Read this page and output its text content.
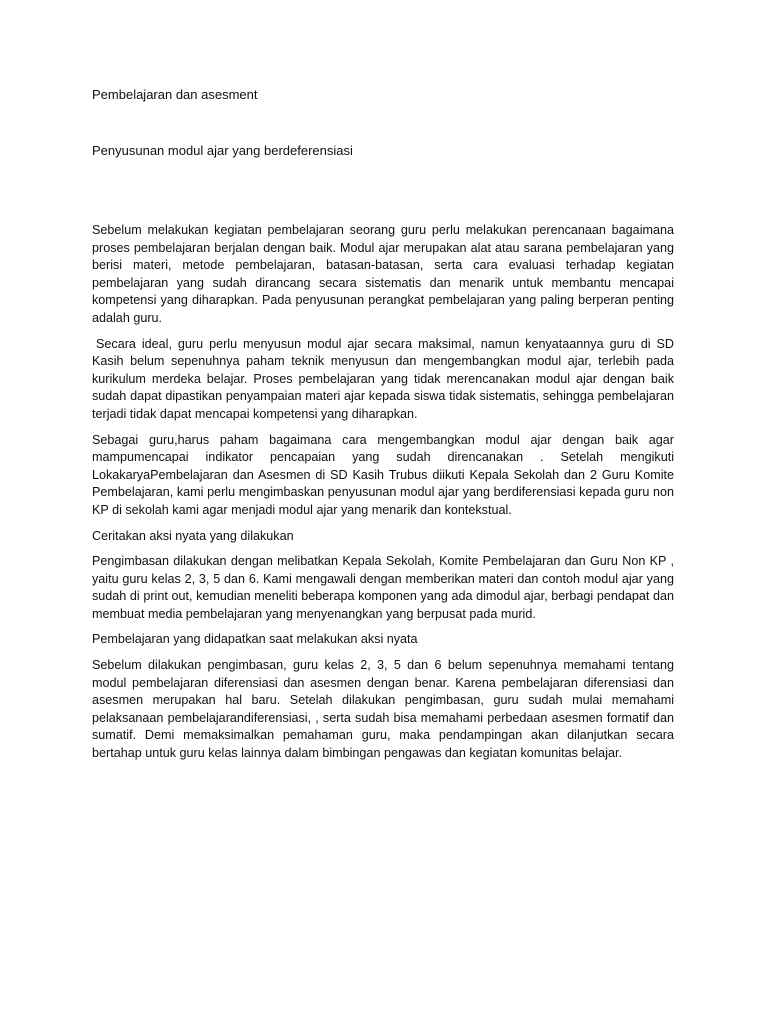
Pembelajaran dan asesment
Penyusunan modul ajar yang berdeferensiasi

Sebelum melakukan kegiatan pembelajaran seorang guru perlu melakukan perencanaan bagaimana proses pembelajaran berjalan dengan baik. Modul ajar merupakan alat atau sarana pembelajaran yang berisi materi, metode pembelajaran, batasan-batasan, serta cara evaluasi terhadap kegiatan pembelajaran yang sudah dirancang secara sistematis dan menarik untuk membantu mencapai kompetensi yang diharapkan. Pada penyusunan perangkat pembelajaran yang paling berperan penting adalah guru.

Secara ideal, guru perlu menyusun modul ajar secara maksimal, namun kenyataannya guru di SD Kasih belum sepenuhnya paham teknik menyusun dan mengembangkan modul ajar, terlebih pada kurikulum merdeka belajar. Proses pembelajaran yang tidak merencanakan modul ajar dengan baik sudah dapat dipastikan penyampaian materi ajar kepada siswa tidak sistematis, sehingga pembelajaran terjadi tidak dapat mencapai kompetensi yang diharapkan.

Sebagai guru,harus paham bagaimana cara mengembangkan modul ajar dengan baik agar mampumencapai indikator pencapaian yang sudah direncanakan . Setelah mengikuti LokakaryaPembelajaran dan Asesmen di SD Kasih Trubus diikuti Kepala Sekolah dan 2 Guru Komite Pembelajaran, kami perlu mengimbaskan penyusunan modul ajar yang berdiferensiasi kepada guru non KP di sekolah kami agar menjadi modul ajar yang menarik dan kontekstual.

Ceritakan aksi nyata yang dilakukan

Pengimbasan dilakukan dengan melibatkan Kepala Sekolah, Komite Pembelajaran dan Guru Non KP , yaitu guru kelas 2, 3, 5 dan 6. Kami mengawali dengan memberikan materi dan contoh modul ajar yang sudah di print out, kemudian meneliti beberapa komponen yang ada dimodul ajar, berbagi pendapat dan membuat media pembelajaran yang menyenangkan yang berpusat pada murid.

Pembelajaran yang didapatkan saat melakukan aksi nyata

Sebelum dilakukan pengimbasan, guru kelas 2, 3, 5 dan 6 belum sepenuhnya memahami tentang modul pembelajaran diferensiasi dan asesmen dengan benar. Karena pembelajaran diferensiasi dan asesmen merupakan hal baru. Setelah dilakukan pengimbasan, guru sudah mulai memahami pelaksanaan pembelajarandiferensiasi, , serta sudah bisa memahami perbedaan asesmen formatif dan sumatif. Demi memaksimalkan pemahaman guru, maka pendampingan akan dilanjutkan secara bertahap untuk guru kelas lainnya dalam bimbingan pengawas dan kegiatan komunitas belajar.
